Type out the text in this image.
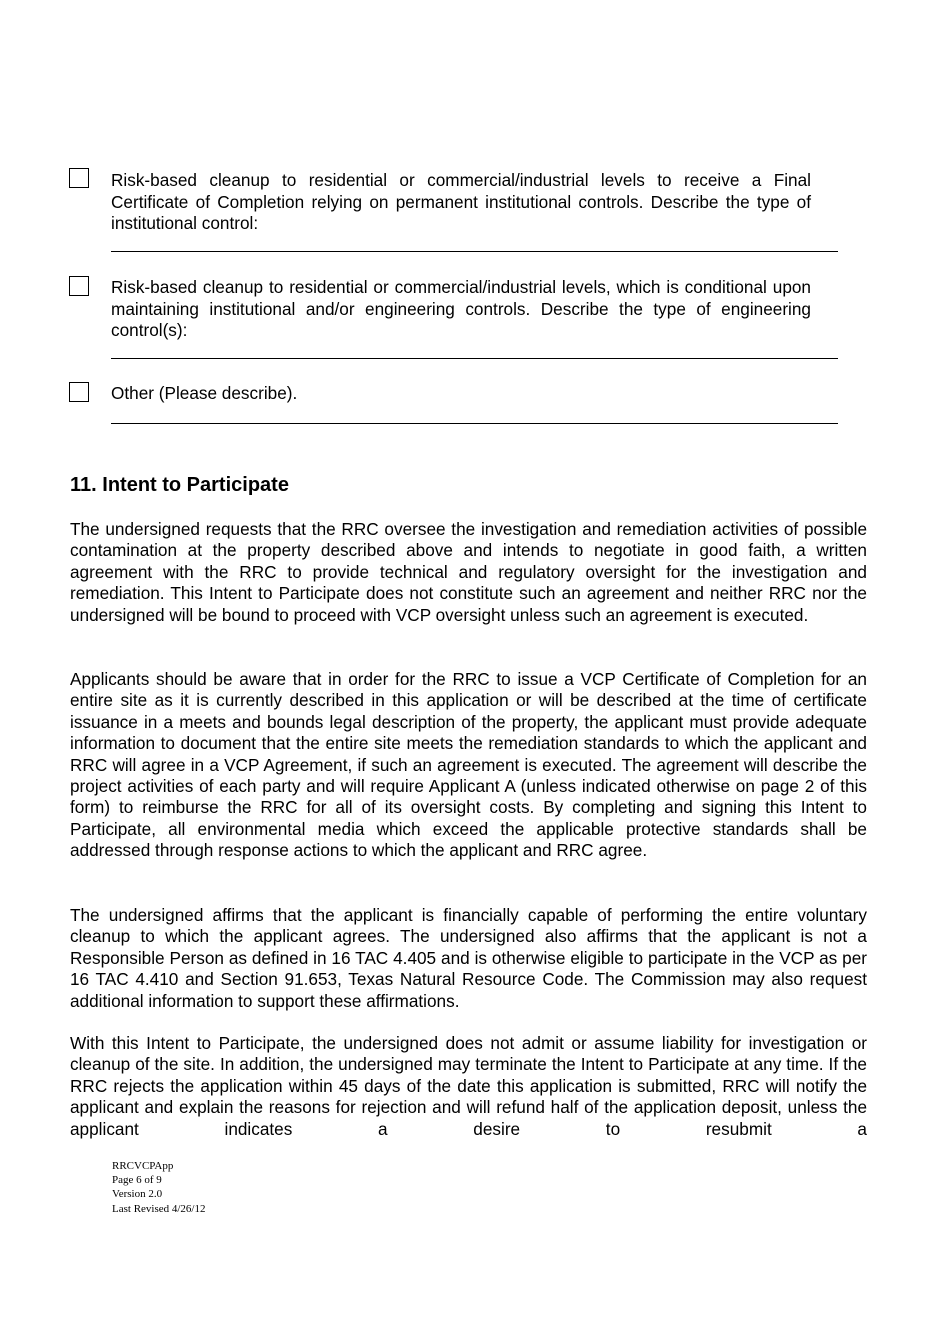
Risk-based cleanup to residential or commercial/industrial levels to receive a Final Certificate of Completion relying on permanent institutional controls. Describe the type of institutional control:
Risk-based cleanup to residential or commercial/industrial levels, which is conditional upon maintaining institutional and/or engineering controls. Describe the type of engineering control(s):
Other (Please describe).
11. Intent to Participate

The undersigned requests that the RRC oversee the investigation and remediation activities of possible contamination at the property described above and intends to negotiate in good faith, a written agreement with the RRC to provide technical and regulatory oversight for the investigation and remediation. This Intent to Participate does not constitute such an agreement and neither RRC nor the undersigned will be bound to proceed with VCP oversight unless such an agreement is executed.

Applicants should be aware that in order for the RRC to issue a VCP Certificate of Completion for an entire site as it is currently described in this application or will be described at the time of certificate issuance in a meets and bounds legal description of the property, the applicant must provide adequate information to document that the entire site meets the remediation standards to which the applicant and RRC will agree in a VCP Agreement, if such an agreement is executed. The agreement will describe the project activities of each party and will require Applicant A (unless indicated otherwise on page 2 of this form) to reimburse the RRC for all of its oversight costs. By completing and signing this Intent to Participate, all environmental media which exceed the applicable protective standards shall be addressed through response actions to which the applicant and RRC agree.

The undersigned affirms that the applicant is financially capable of performing the entire voluntary cleanup to which the applicant agrees. The undersigned also affirms that the applicant is not a Responsible Person as defined in 16 TAC 4.405 and is otherwise eligible to participate in the VCP as per 16 TAC 4.410 and Section 91.653, Texas Natural Resource Code. The Commission may also request additional information to support these affirmations.

With this Intent to Participate, the undersigned does not admit or assume liability for investigation or cleanup of the site. In addition, the undersigned may terminate the Intent to Participate at any time. If the RRC rejects the application within 45 days of the date this application is submitted, RRC will notify the applicant and explain the reasons for rejection and will refund half of the application deposit, unless the applicant indicates a desire to resubmit a

RRCVCPApp
Page 6 of 9
Version 2.0
Last Revised 4/26/12
